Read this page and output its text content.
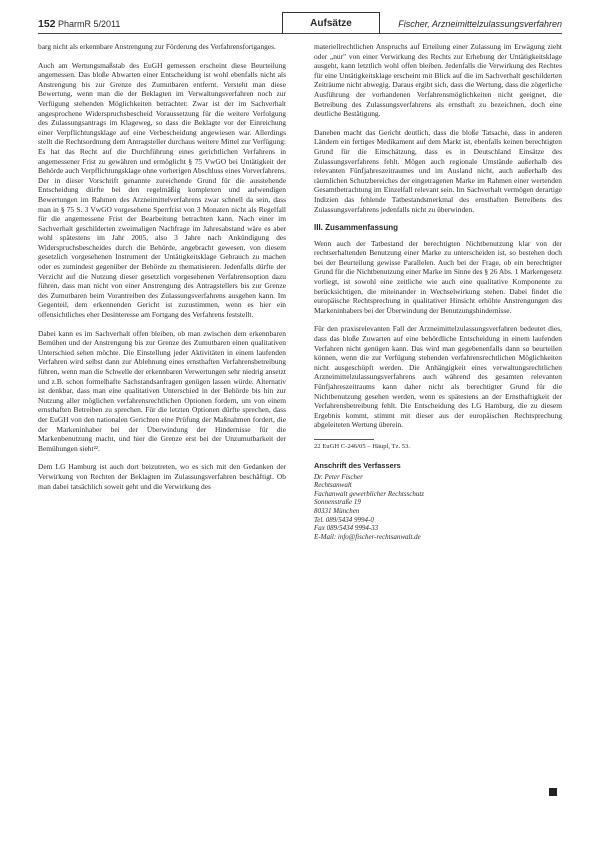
152 PharmR 5/2011	Aufsätze	Fischer, Arzneimittelzulassungsverfahren

barg nicht als erkennbare Anstrengung zur Förderung des Verfahrensfortganges.

Auch am Wertungsmaßstab des EuGH gemessen erscheint diese Beurteilung angemessen. Das bloße Abwarten einer Entscheidung ist wohl ebenfalls nicht als Anstrengung bis zur Grenze des Zumutbaren entfernt. Versteht man diese Bewertung, wenn man die der Beklagten im Verwaltungsverfahren noch zur Verfügung stehenden Möglichkeiten betrachtet: Zwar ist der im Sachverhalt angesprochene Widerspruchsbescheid Voraussetzung für die weitere Verfolgung des Zulassungsantrags im Klageweg, so dass die Beklagte vor der Einreichung einer Verpflichtungsklage auf eine Verbescheidung angewiesen war. Allerdings stellt die Rechtsordnung dem Antragsteller durchaus weitere Mittel zur Verfügung: Es hat das Recht auf die Durchführung eines gerichtlichen Verfahrens in angemessener Frist zu gewähren und ermöglicht § 75 VwGO bei Untätigkeit der Behörde auch Verpflichtungsklage ohne vorherigen Abschluss eines Vorverfahrens. Der in dieser Vorschrift genannte zureichende Grund für die ausstehende Entscheidung dürfte bei den regelmäßig komplexen und aufwendigen Bewertungen im Rahmen des Arzneimittelverfahrens zwar schnell da sein, dass man in § 75 S. 3 VwGO vorgesehene Sperrfrist von 3 Monaten nicht als Regelfall für die angemessene Frist der Bearbeitung betrachten kann. Nach einer im Sachverhalt geschilderten zweimaligen Nachfrage im Jahresabstand wäre es aber wohl spätestens im Jahr 2005, also 3 Jahre nach Ankündigung des Widerspruchsbescheides durch die Behörde, angebracht gewesen, von diesem gesetzlich vorgesehenen Instrument der Untätigkeitsklage Gebrauch zu machen oder es zumindest gegenüber der Behörde zu thematisieren. Jedenfalls dürfte der Verzicht auf die Nutzung dieser gesetzlich vorgesehenen Verfahrensoption dazu führen, dass man nicht von einer Anstrengung des Antragstellers bis zur Grenze des Zumutbaren beim Vorantreiben des Zulassungsverfahrens ausgehen kann. Im Gegenteil, dem erkennenden Gericht ist zuzustimmen, wenn es hier ein offensichtliches eher Desinteresse am Fortgang des Verfahrens feststellt.

Dabei kann es im Sachverhalt offen bleiben, ob man zwischen dem erkennbaren Bemühen und der Anstrengung bis zur Grenze des Zumutbaren einen qualitativen Unterschied sehen möchte. Die Einstellung jeder Aktivitäten in einem laufenden Verfahren wird selbst dann zur Ablehnung eines ernsthaften Verfahrensbetreibung führen, wenn man die Schwelle der erkennbaren Verwertungen sehr niedrig ansetzt und z.B. schon formelhafte Sachstandsanfragen genügen lassen würde. Alternativ ist denkbar, dass man eine qualitativen Unterschied in der Behörde bis hin zur Nutzung aller möglichen verfahrensrechtlichen Optionen fordern, um von einem ernsthaften Betreiben zu sprechen. Für die letzten Optionen dürfte sprechen, dass der EuGH von den nationalen Gerichten eine Prüfung der Maßnahmen fordert, die der Markeninhaber bei der Überwindung der Hindernisse für die Markenbenutzung macht, und hier die Grenze erst bei der Unzumutbarkeit der Bemühungen sieht²².

Dem LG Hamburg ist auch dort beizutreten, wo es sich mit den Gedanken der Verwirkung von Rechten der Beklagten im Zulassungsverfahren beschäftigt. Ob man dabei tatsächlich soweit geht und die Verwirkung des

materiellrechtlichen Anspruchs auf Erteilung einer Zulassung im Erwägung zieht oder „nur" von einer Verwirkung des Rechts zur Erhebung der Untätigkeitsklage ausgeht, kann letztlich wohl offen bleiben. Jedenfalls die Verwirkung des Rechtes für eine Untätigkeitsklage erscheint mit Blick auf die im Sachverhalt geschilderten Zeiträume nicht abwegig. Daraus ergibt sich, dass die Wertung, dass die zögerliche Ausführung der vorhandenen Verfahrensmöglichkeiten nicht geeignet, die Betreibung des Zulassungsverfahrens als ernsthaft zu bezeichnen, doch eine deutliche Bestätigung.

Daneben macht das Gericht deutlich, dass die bloße Tatsache, dass in anderen Ländern ein fertiges Medikament auf dem Markt ist, ebenfalls keinen berechtigten Grund für die Einschätzung, dass es in Deutschland Einsätze des Zulassungsverfahrens fehlt. Mögen auch regionale Umstände außerhalb des relevanten Fünfjahreszeitraumes und im Ausland nicht, auch außerhalb des räumlichen Schutzbereiches der eingetragenen Marke im Rahmen einer wertenden Gesamtbetrachtung im Einzelfall relevant sein. Im Sachverhalt vermögen derartige Indizien das fehlende Tatbestandsmerkmal des ernsthaften Betreibens des Zulassungsverfahrens jedenfalls nicht zu überwinden.

III. Zusammenfassung

Wenn auch der Tatbestand der berechtigten Nichtbenutzung klar von der rechtserhaltenden Benutzung einer Marke zu unterscheiden ist, so bestehen doch bei der Beurteilung gewisse Parallelen. Auch bei der Frage, ob ein berechtigter Grund für die Nichtbenutzung einer Marke im Sinne des § 26 Abs. 1 Markengesetz vorliegt, ist sowohl eine zeitliche wie auch eine qualitative Komponente zu berücksichtigen, die miteinander in Wechselwirkung stehen. Dabei findet die europäische Rechtsprechung in qualitativer Hinsicht erhöhte Anstrengungen des Markeninhabers bei der Überwindung der Benutzungshindernisse.

Für den praxisrelevanten Fall der Arzneimittelzulassungsverfahren bedeutet dies, dass das bloße Zuwarten auf eine behördliche Entscheidung in einem laufenden Verfahren nicht genügen kann. Das wird man gegebenenfalls dann so beurteilen können, wenn die zur Verfügung stehenden verfahrensrechtlichen Möglichkeiten nicht ausgeschöpft werden. Die Anhängigkeit eines verwaltungsrechtlichen Arzneimittelzulassungsverfahrens auch während des gesamten relevanten Fünfjahreszeitraums kann daher nicht als berechtigter Grund für die Nichtbenutzung gesehen werden, wenn es spätestens an der Ernsthaftigkeit der Verfahrensbetreibung fehlt. Die Entscheidung des LG Hamburg, die zu diesem Ergebnis kommt, stimmt mit dieser aus der europäischen Rechtsprechung abgeleiteten Wertung überein.

22 EuGH C-246/05 – Häupl, Tz. 53.
Anschrift des Verfassers
Dr. Peter Fischer
Rechtsanwalt
Fachanwalt gewerblicher Rechtsschutz
Sonnenstraße 19
80331 München
Tel. 089/5434 9994-0
Fax 089/5434 9994-33
E-Mail: info@fischer-rechtsanwalt.de
